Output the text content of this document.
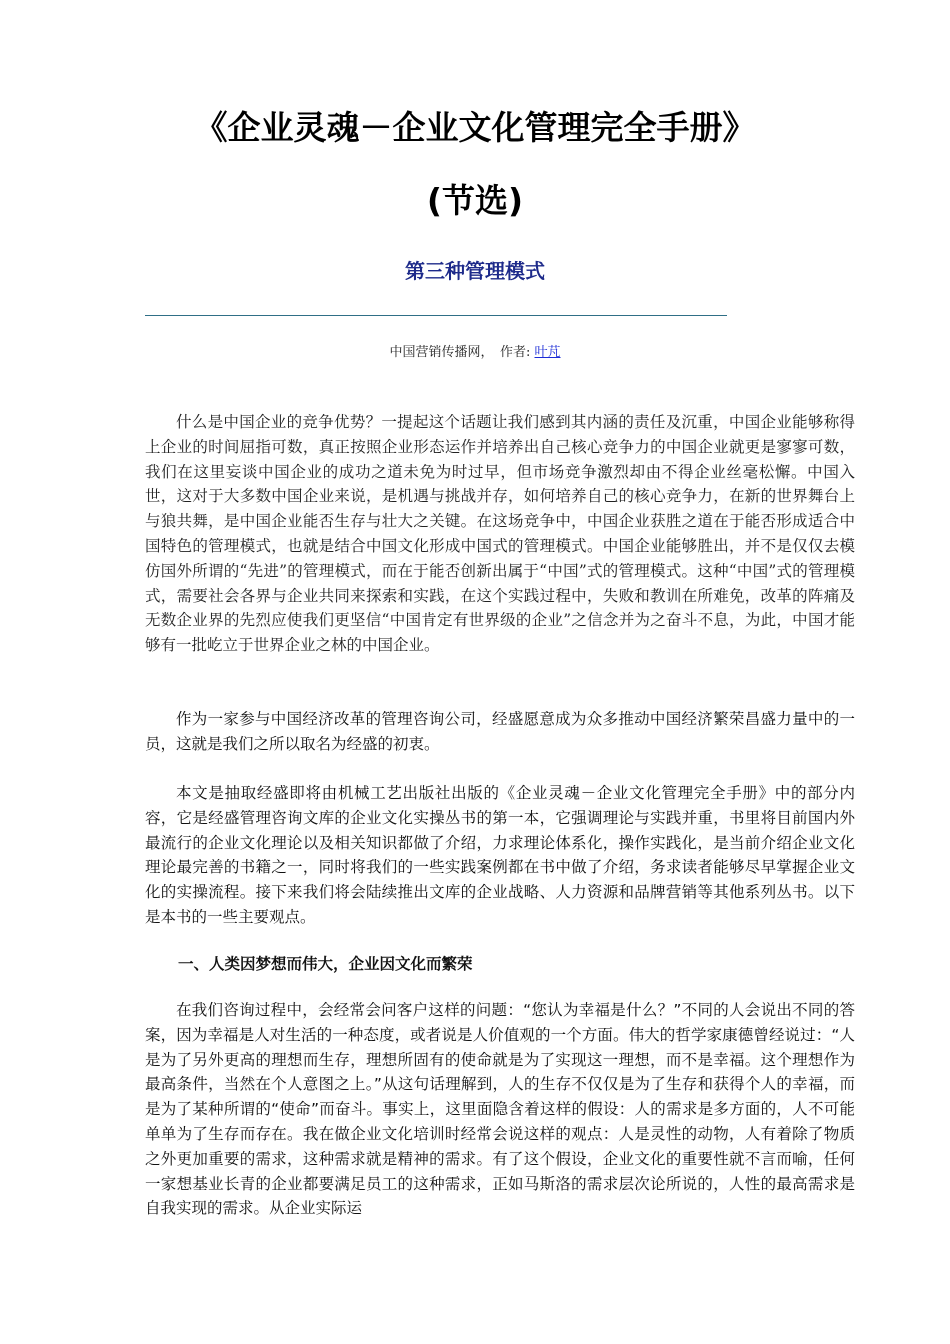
《企业灵魂－企业文化管理完全手册》
(节选)
第三种管理模式
中国营销传播网，　作者: 叶芃

什么是中国企业的竞争优势？一提起这个话题让我们感到其内涵的责任及沉重，中国企业能够称得上企业的时间屈指可数，真正按照企业形态运作并培养出自己核心竞争力的中国企业就更是寥寥可数，我们在这里妄谈中国企业的成功之道未免为时过早，但市场竞争激烈却由不得企业丝毫松懈。中国入世，这对于大多数中国企业来说，是机遇与挑战并存，如何培养自己的核心竞争力，在新的世界舞台上与狼共舞，是中国企业能否生存与壮大之关键。在这场竞争中，中国企业获胜之道在于能否形成适合中国特色的管理模式，也就是结合中国文化形成中国式的管理模式。中国企业能够胜出，并不是仅仅去模仿国外所谓的“先进”的管理模式，而在于能否创新出属于“中国”式的管理模式。这种“中国”式的管理模式，需要社会各界与企业共同来探索和实践，在这个实践过程中，失败和教训在所难免，改革的阵痛及无数企业界的先烈应使我们更坚信“中国肯定有世界级的企业”之信念并为之奋斗不息，为此，中国才能够有一批屹立于世界企业之林的中国企业。

作为一家参与中国经济改革的管理咨询公司，经盛愿意成为众多推动中国经济繁荣昌盛力量中的一员，这就是我们之所以取名为经盛的初衷。

本文是抽取经盛即将由机械工艺出版社出版的《企业灵魂－企业文化管理完全手册》中的部分内容，它是经盛管理咨询文库的企业文化实操丛书的第一本，它强调理论与实践并重，书里将目前国内外最流行的企业文化理论以及相关知识都做了介绍，力求理论体系化，操作实践化，是当前介绍企业文化理论最完善的书籍之一，同时将我们的一些实践案例都在书中做了介绍，务求读者能够尽早掌握企业文化的实操流程。接下来我们将会陆续推出文库的企业战略、人力资源和品牌营销等其他系列丛书。以下是本书的一些主要观点。

一、人类因梦想而伟大，企业因文化而繁荣

在我们咨询过程中，会经常会问客户这样的问题：“您认为幸福是什么？”不同的人会说出不同的答案，因为幸福是人对生活的一种态度，或者说是人价值观的一个方面。伟大的哲学家康德曾经说过：“人是为了另外更高的理想而生存，理想所固有的使命就是为了实现这一理想，而不是幸福。这个理想作为最高条件，当然在个人意图之上。”从这句话理解到，人的生存不仅仅是为了生存和获得个人的幸福，而是为了某种所谓的“使命”而奋斗。事实上，这里面隐含着这样的假设：人的需求是多方面的，人不可能单单为了生存而存在。我在做企业文化培训时经常会说这样的观点：人是灵性的动物，人有着除了物质之外更加重要的需求，这种需求就是精神的需求。有了这个假设，企业文化的重要性就不言而喻，任何一家想基业长青的企业都要满足员工的这种需求，正如马斯洛的需求层次论所说的，人性的最高需求是自我实现的需求。从企业实际运
